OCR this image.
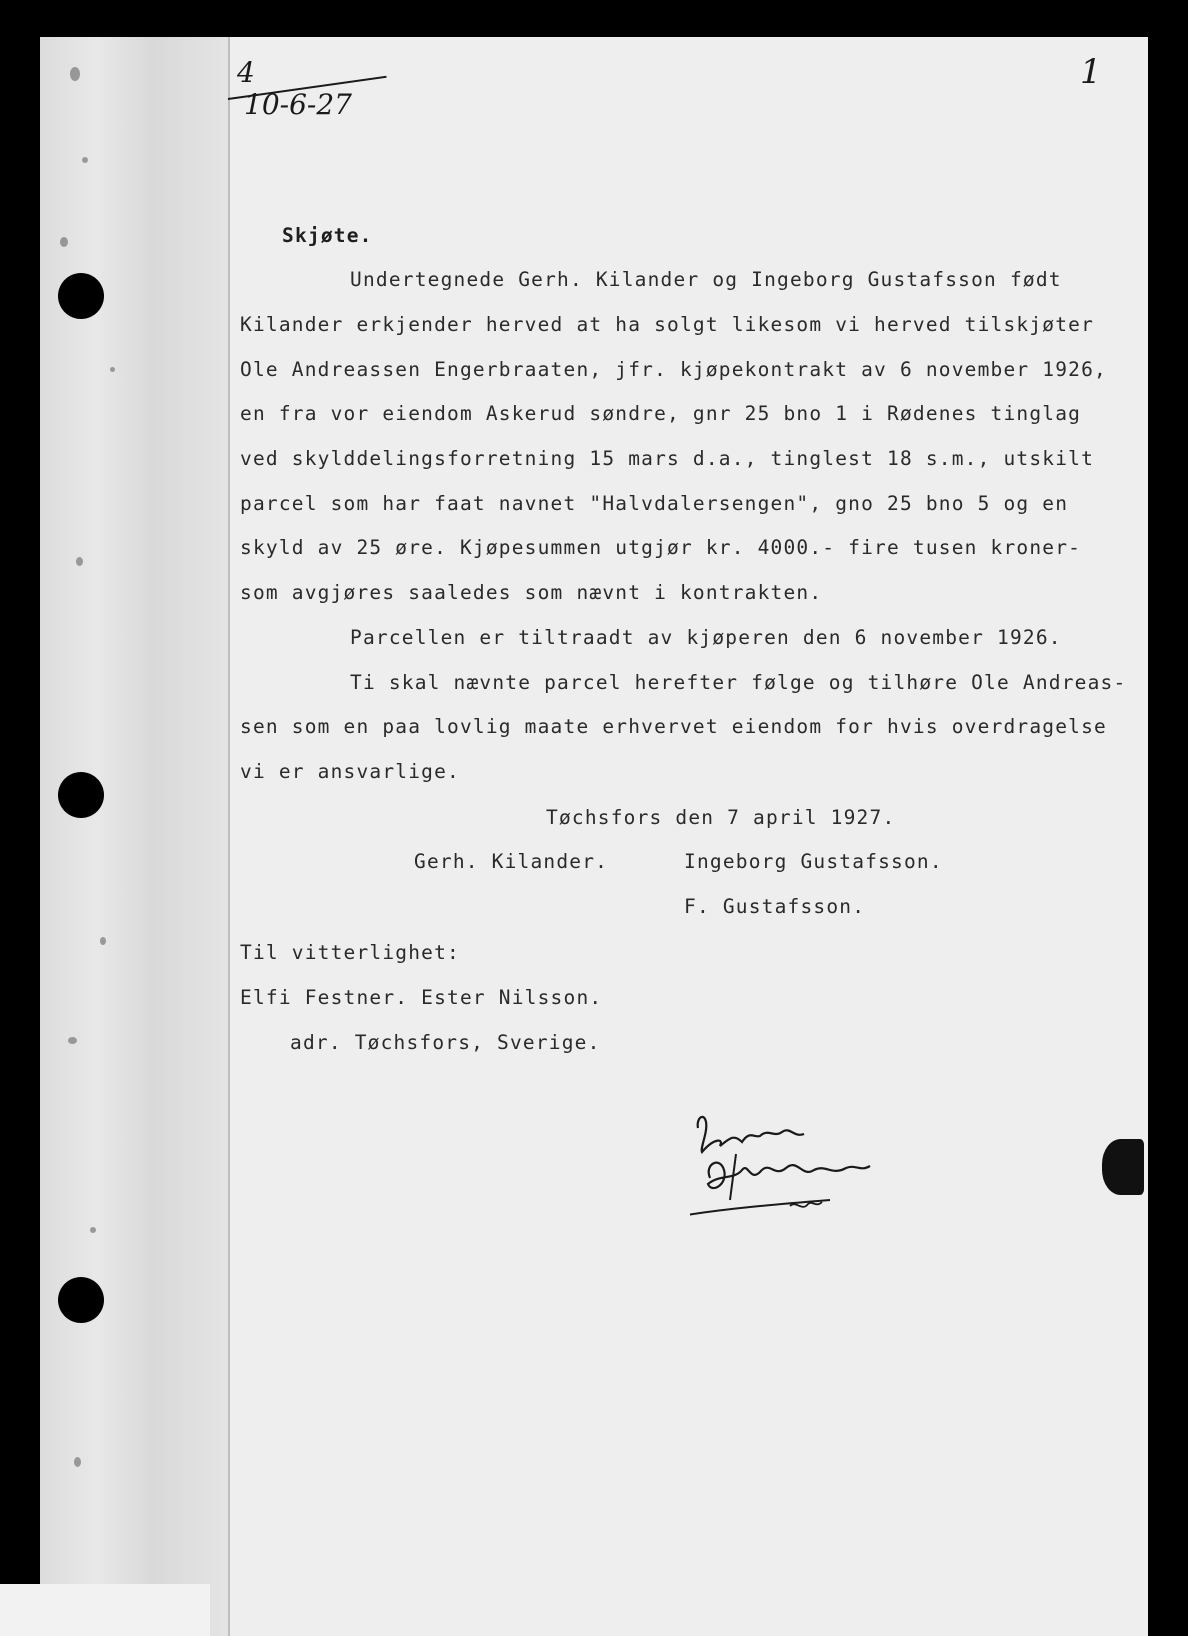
4
10-6-27
1
Skjøte.
Undertegnede Gerh. Kilander og Ingeborg Gustafsson født
Kilander erkjender herved at ha solgt likesom vi herved tilskjøter
Ole Andreassen Engerbraaten, jfr. kjøpekontrakt av 6 november 1926,
en fra vor eiendom Askerud søndre, gnr 25 bno 1 i Rødenes tinglag
ved skylddelingsforretning 15 mars d.a., tinglest 18 s.m., utskilt
parcel som har faat navnet "Halvdalersengen", gno 25 bno 5 og en
skyld av 25 øre. Kjøpesummen utgjør kr. 4000.- fire tusen kroner-
som avgjøres saaledes som nævnt i kontrakten.
Parcellen er tiltraadt av kjøperen den 6 november 1926.
Ti skal nævnte parcel herefter følge og tilhøre Ole Andreas-
sen som en paa lovlig maate erhvervet eiendom for hvis overdragelse
vi er ansvarlige.
Tøchsfors den 7 april 1927.
Gerh. Kilander.	Ingeborg Gustafsson.
F. Gustafsson.
Til vitterlighet:
Elfi Festner. Ester Nilsson.
adr. Tøchsfors, Sverige.
